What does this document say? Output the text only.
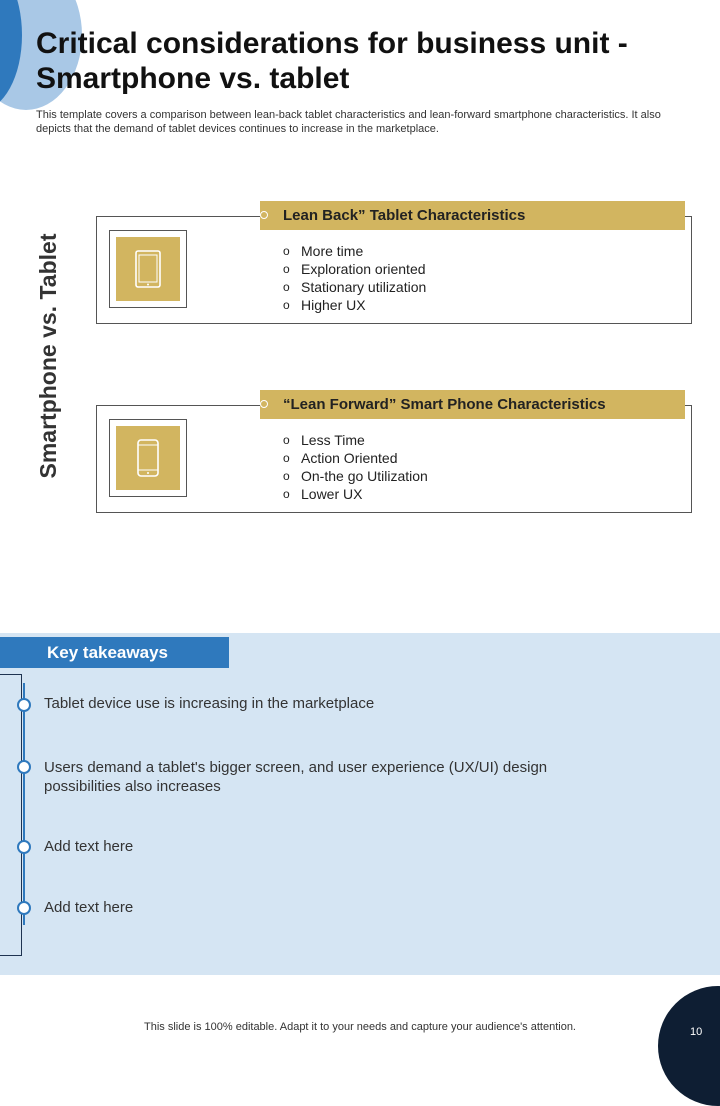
Critical considerations for business unit - Smartphone vs. tablet

This template covers a comparison between lean-back tablet characteristics and lean-forward smartphone characteristics. It also depicts that the demand of tablet devices continues to increase in the marketplace.

Smartphone vs. Tablet
Lean Back” Tablet Characteristics
o More time
o Exploration oriented
o Stationary utilization
o Higher UX
“Lean Forward” Smart Phone Characteristics
o Less Time
o Action Oriented
o On-the go Utilization
o Lower UX
Key takeaways
Tablet device use is increasing in the marketplace
Users demand a tablet's bigger screen, and user experience (UX/UI) design possibilities also increases
Add text here
Add text here
This slide is 100% editable. Adapt it to your needs and capture your audience's attention.	10
